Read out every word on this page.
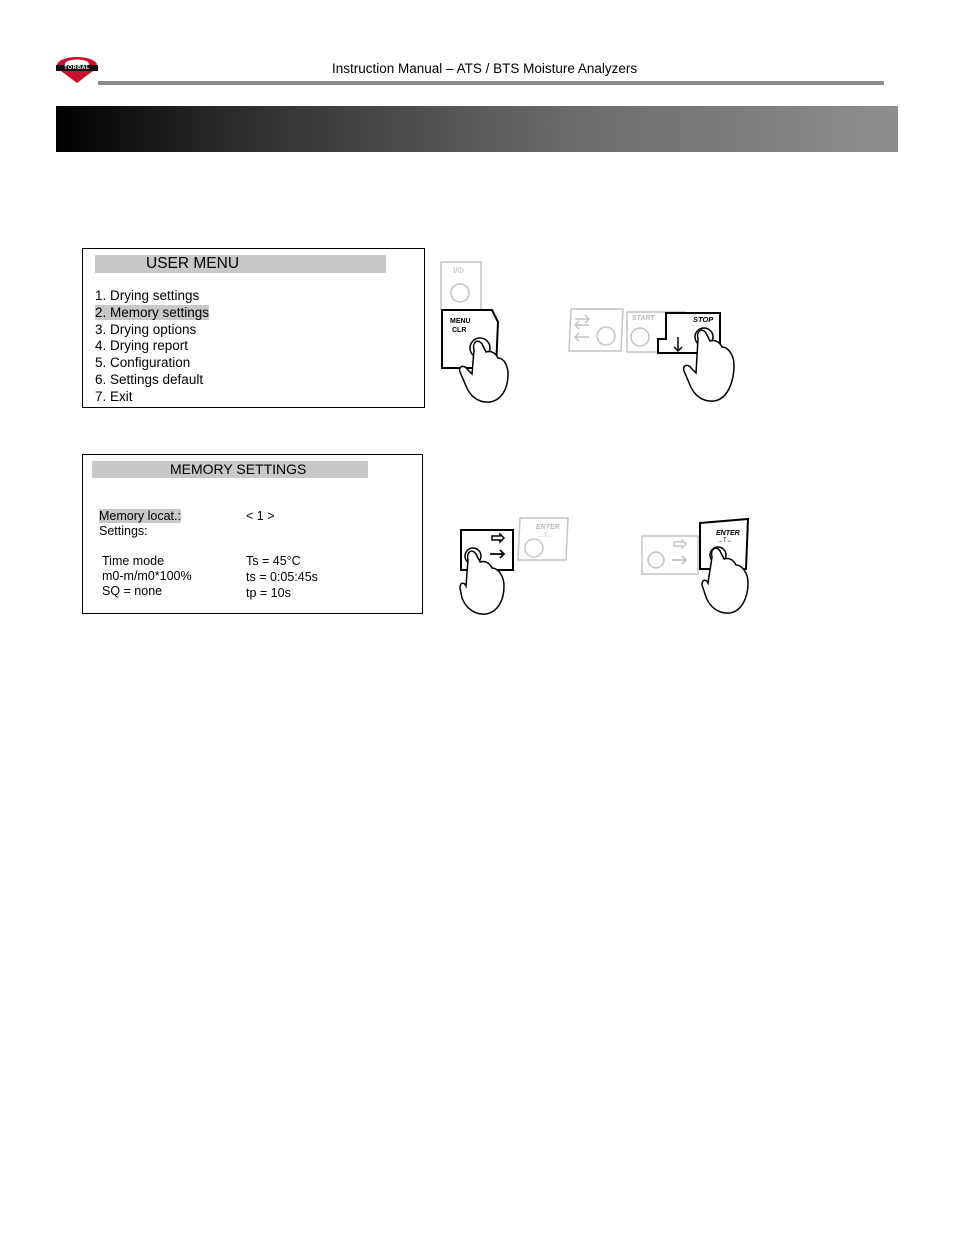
TORBAL	Instruction Manual – ATS / BTS Moisture Analyzers
USER MENU
1. Drying settings
2. Memory settings
3. Drying options
4. Drying report
5. Configuration
6. Settings default
7. Exit
I/⏻
MENU
CLR
START	STOP
MEMORY SETTINGS
Memory locat.:	< 1 >
Settings:
Time mode	Ts = 45°C
m0-m/m0*100%	ts = 0:05:45s
SQ = none	tp = 10s
ENTER
→T←	ENTER
→T←
